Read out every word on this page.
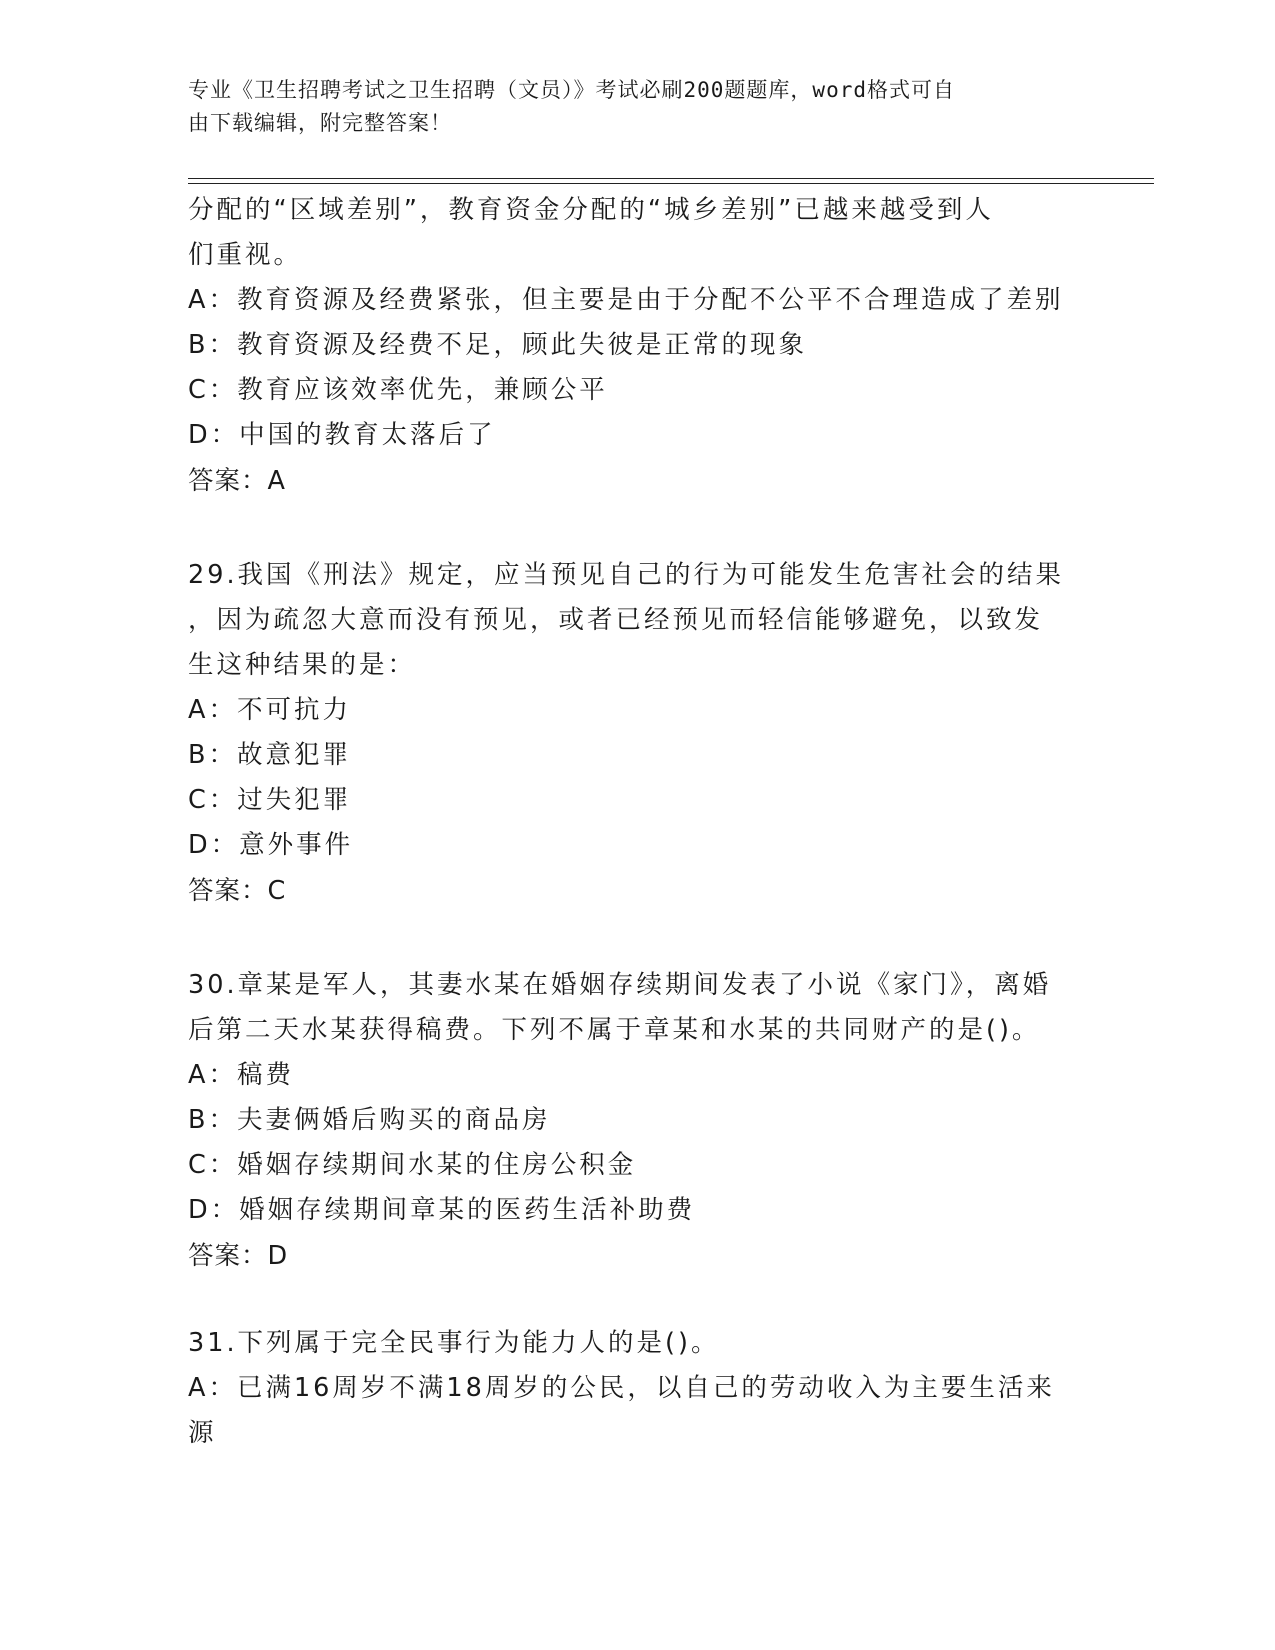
专业《卫生招聘考试之卫生招聘（文员）》考试必刷200题题库，word格式可自
由下载编辑，附完整答案！
分配的“区域差别”，教育资金分配的“城乡差别”已越来越受到人
们重视。
A：教育资源及经费紧张，但主要是由于分配不公平不合理造成了差别
B：教育资源及经费不足，顾此失彼是正常的现象
C：教育应该效率优先，兼顾公平
D：中国的教育太落后了
答案：A
29.我国《刑法》规定，应当预见自己的行为可能发生危害社会的结果
，因为疏忽大意而没有预见，或者已经预见而轻信能够避免，以致发
生这种结果的是：
A：不可抗力
B：故意犯罪
C：过失犯罪
D：意外事件
答案：C
30.章某是军人，其妻水某在婚姻存续期间发表了小说《家门》，离婚
后第二天水某获得稿费。下列不属于章某和水某的共同财产的是()。
A：稿费
B：夫妻俩婚后购买的商品房
C：婚姻存续期间水某的住房公积金
D：婚姻存续期间章某的医药生活补助费
答案：D
31.下列属于完全民事行为能力人的是()。
A：已满16周岁不满18周岁的公民，以自己的劳动收入为主要生活来
源
